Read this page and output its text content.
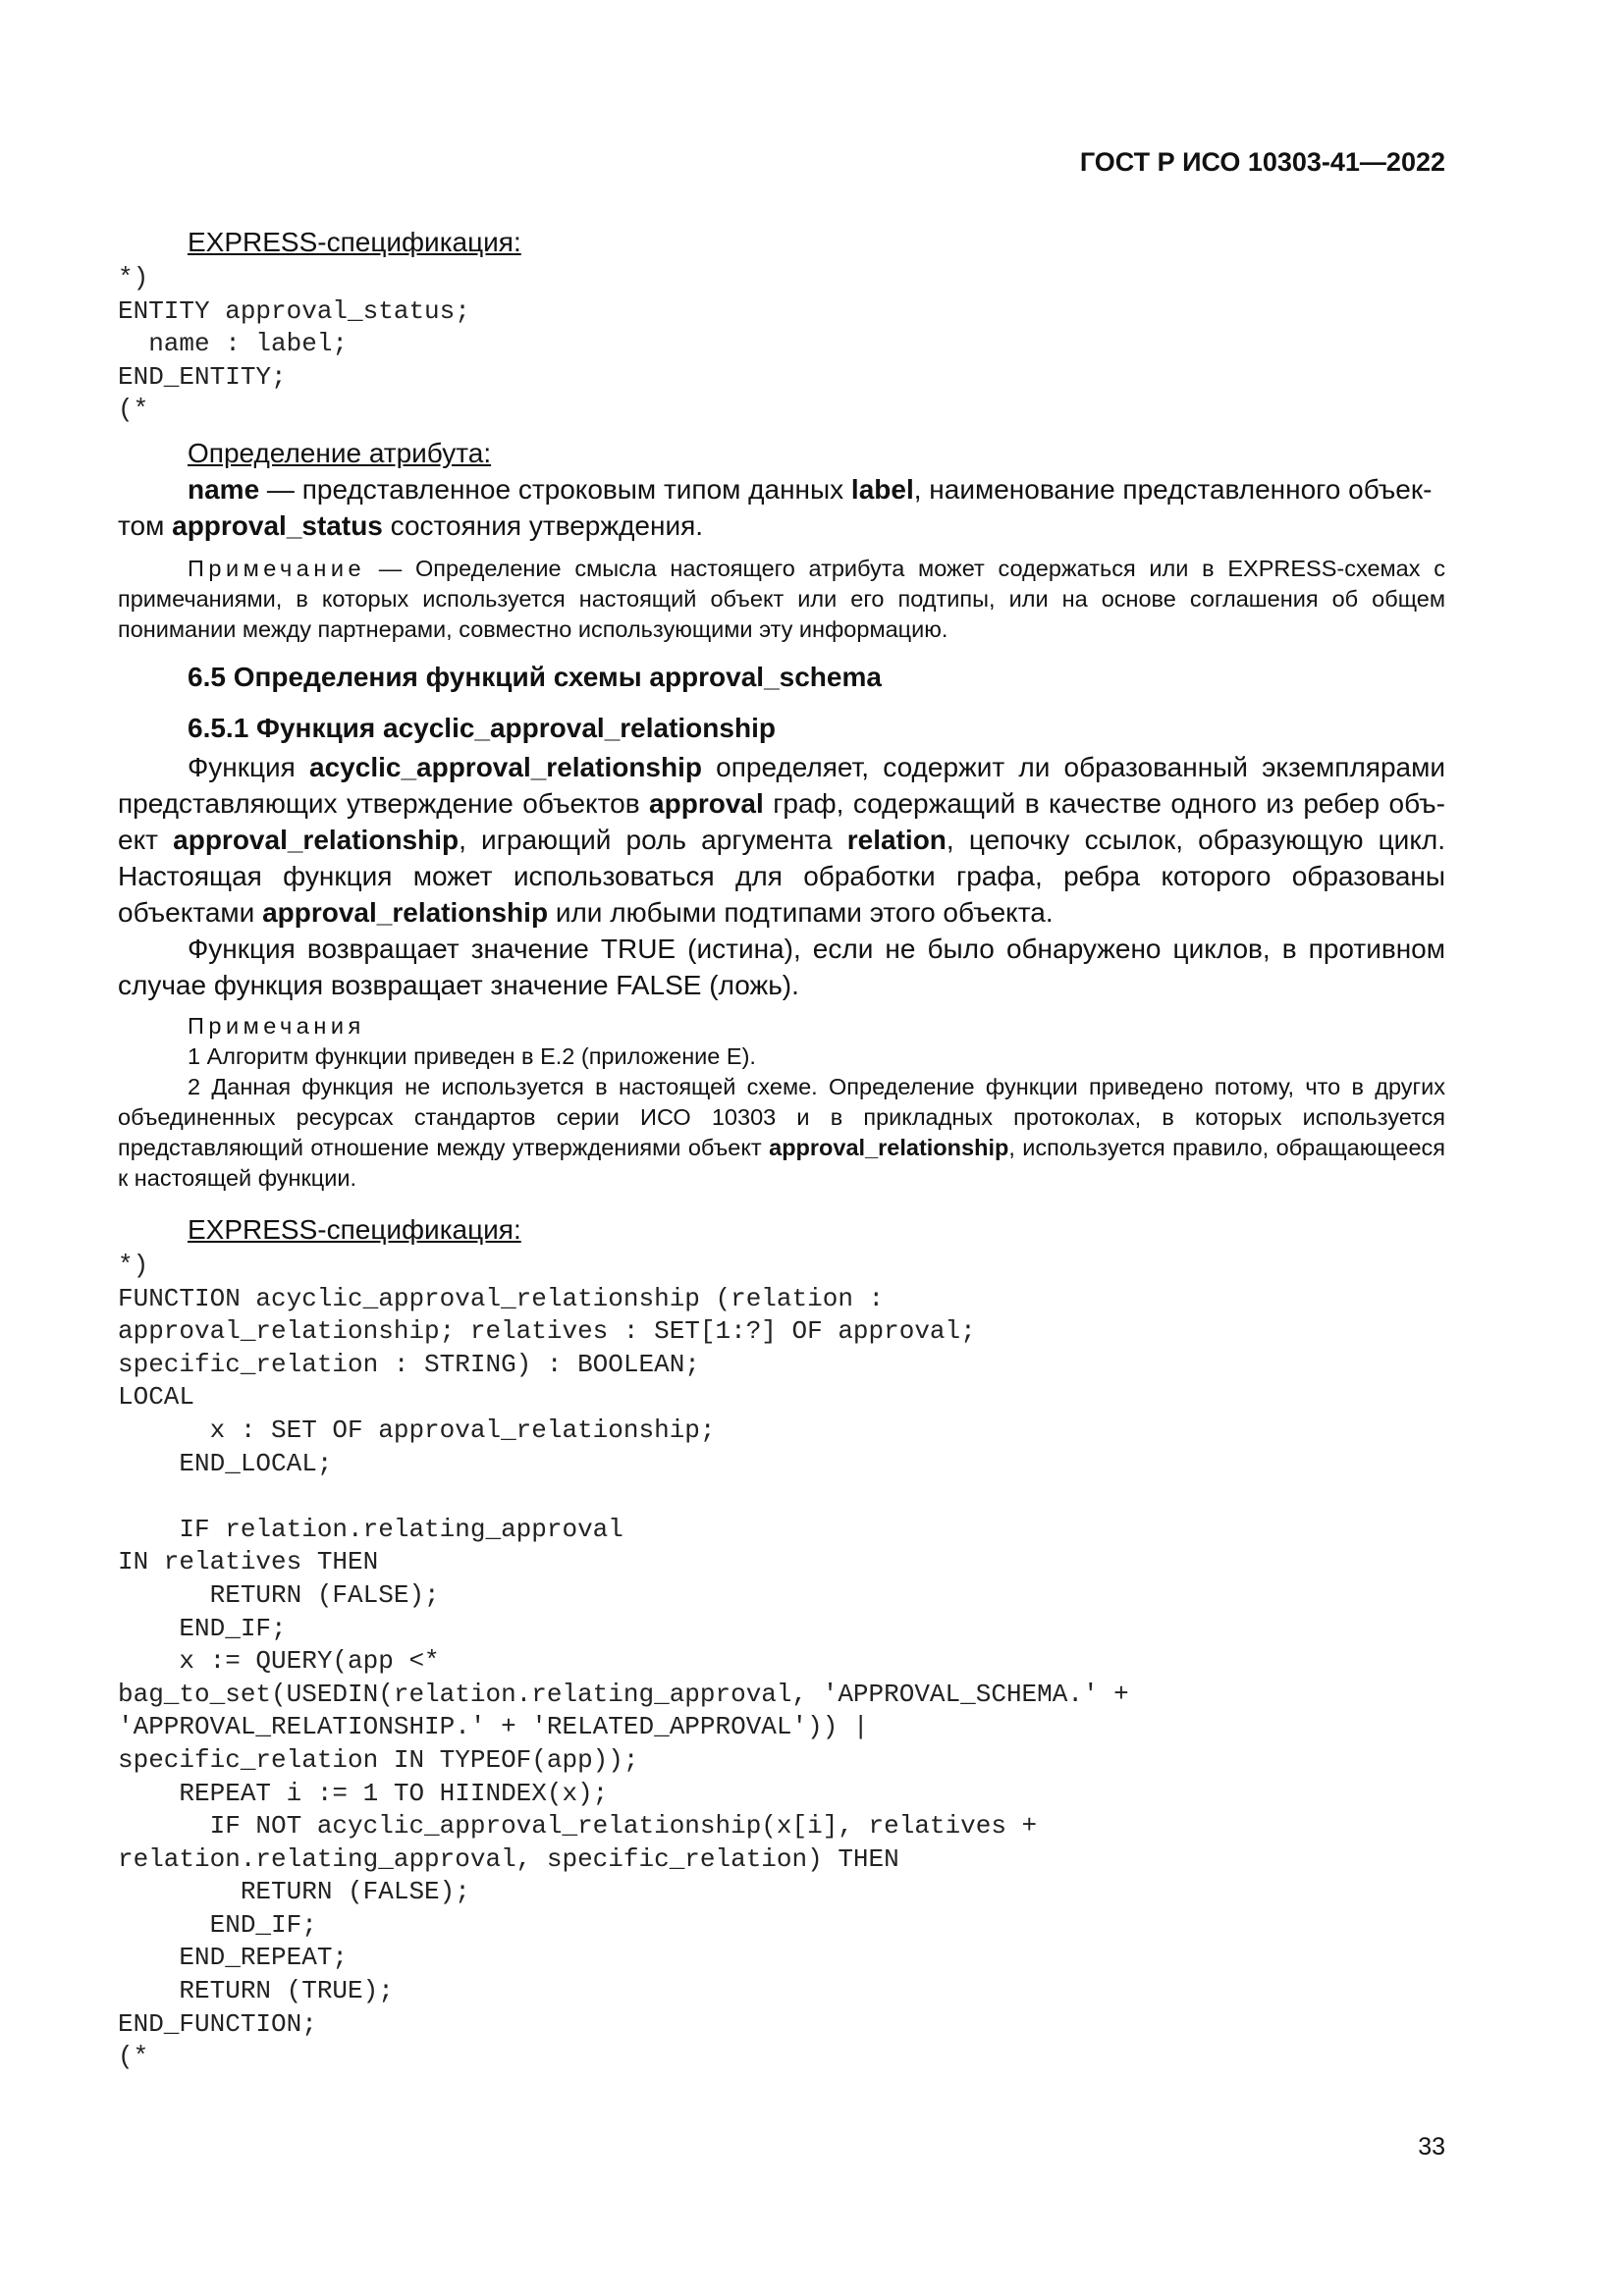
ГОСТ Р ИСО 10303-41—2022
EXPRESS-спецификация:
*)
ENTITY approval_status;
name : label;
END_ENTITY;
(*
Определение атрибута:

name — представленное строковым типом данных label, наименование представленного объек-
том approval_status состояния утверждения.

Примечание — Определение смысла настоящего атрибута может содержаться или в EXPRESS-схемах с примечаниями, в которых используется настоящий объект или его подтипы, или на основе соглашения об общем понимании между партнерами, совместно использующими эту информацию.
6.5 Определения функций схемы approval_schema
6.5.1 Функция acyclic_approval_relationship

Функция acyclic_approval_relationship определяет, содержит ли образованный экземплярами представляющих утверждение объектов approval граф, содержащий в качестве одного из ребер объ- ект approval_relationship, играющий роль аргумента relation, цепочку ссылок, образующую цикл. Настоящая функция может использоваться для обработки графа, ребра которого образованы объектами approval_relationship или любыми подтипами этого объекта.

Функция возвращает значение TRUE (истина), если не было обнаружено циклов, в противном случае функция возвращает значение FALSE (ложь).

Примечания
1 Алгоритм функции приведен в Е.2 (приложение Е).

2 Данная функция не используется в настоящей схеме. Определение функции приведено потому, что в других объединенных ресурсах стандартов серии ИСО 10303 и в прикладных протоколах, в которых используется представляющий отношение между утверждениями объект approval_relationship, используется правило, обращающееся к настоящей функции.

EXPRESS-спецификация:
*)
FUNCTION acyclic_approval_relationship (relation :
approval_relationship; relatives : SET[1:?] OF approval;
specific_relation : STRING) : BOOLEAN;
LOCAL
x : SET OF approval_relationship;
END_LOCAL;

IF relation.relating_approval
IN relatives THEN
RETURN (FALSE);
END_IF;
x := QUERY(app <*
bag_to_set(USEDIN(relation.relating_approval, 'APPROVAL_SCHEMA.' +
'APPROVAL_RELATIONSHIP.' + 'RELATED_APPROVAL')) |
specific_relation IN TYPEOF(app));
REPEAT i := 1 TO HIINDEX(x);
IF NOT acyclic_approval_relationship(x[i], relatives +
relation.relating_approval, specific_relation) THEN
RETURN (FALSE);
END_IF;
END_REPEAT;
RETURN (TRUE);
END_FUNCTION;
(*
33
